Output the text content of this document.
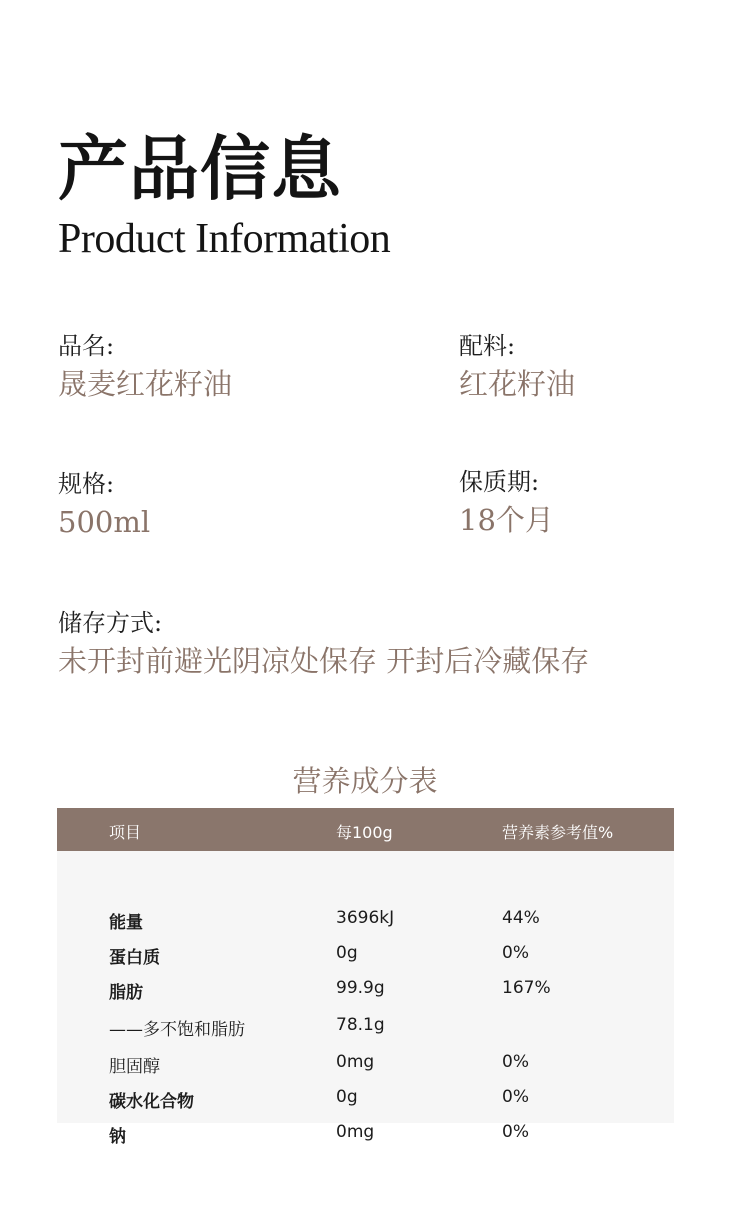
产品信息
Product Information
品名:
晟麦红花籽油
配料:
红花籽油
规格:
500ml
保质期:
18个月
储存方式:
未开封前避光阴凉处保存 开封后冷藏保存
营养成分表
项目	每100g	营养素参考值%
能量	3696kJ	44%
蛋白质	0g	0%
脂肪	99.9g	167%
——多不饱和脂肪	78.1g
胆固醇	0mg	0%
碳水化合物	0g	0%
钠	0mg	0%
